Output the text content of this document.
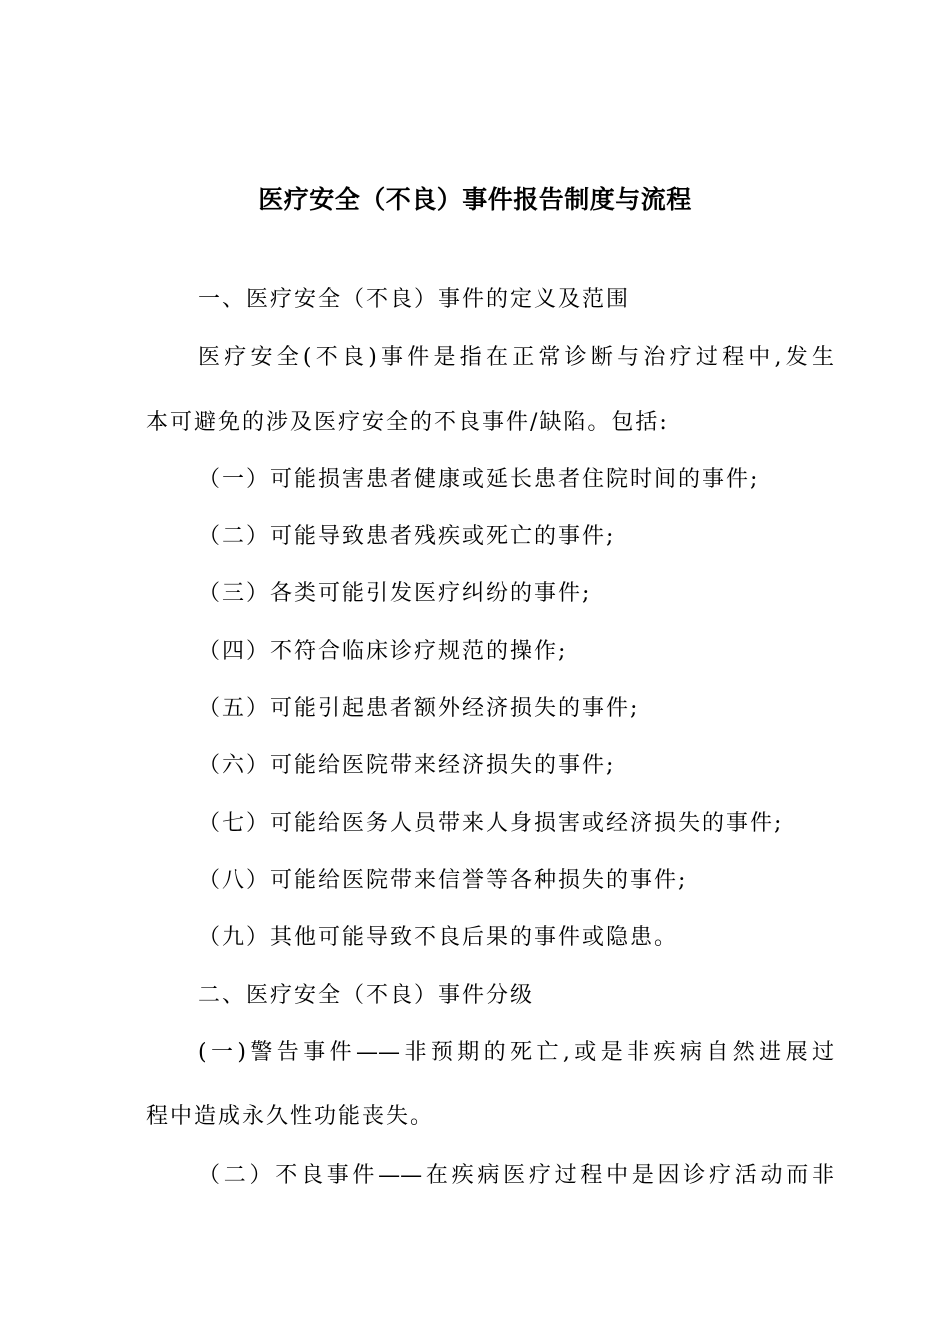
医疗安全（不良）事件报告制度与流程
一、医疗安全（不良）事件的定义及范围
医疗安全(不良)事件是指在正常诊断与治疗过程中,发生
本可避免的涉及医疗安全的不良事件/缺陷。包括:
（一）可能损害患者健康或延长患者住院时间的事件;
（二）可能导致患者残疾或死亡的事件;
（三）各类可能引发医疗纠纷的事件;
（四）不符合临床诊疗规范的操作;
（五）可能引起患者额外经济损失的事件;
（六）可能给医院带来经济损失的事件;
（七）可能给医务人员带来人身损害或经济损失的事件;
（八）可能给医院带来信誉等各种损失的事件;
（九）其他可能导致不良后果的事件或隐患。
二、医疗安全（不良）事件分级
(一)警告事件——非预期的死亡,或是非疾病自然进展过
程中造成永久性功能丧失。
（二）不良事件——在疾病医疗过程中是因诊疗活动而非
